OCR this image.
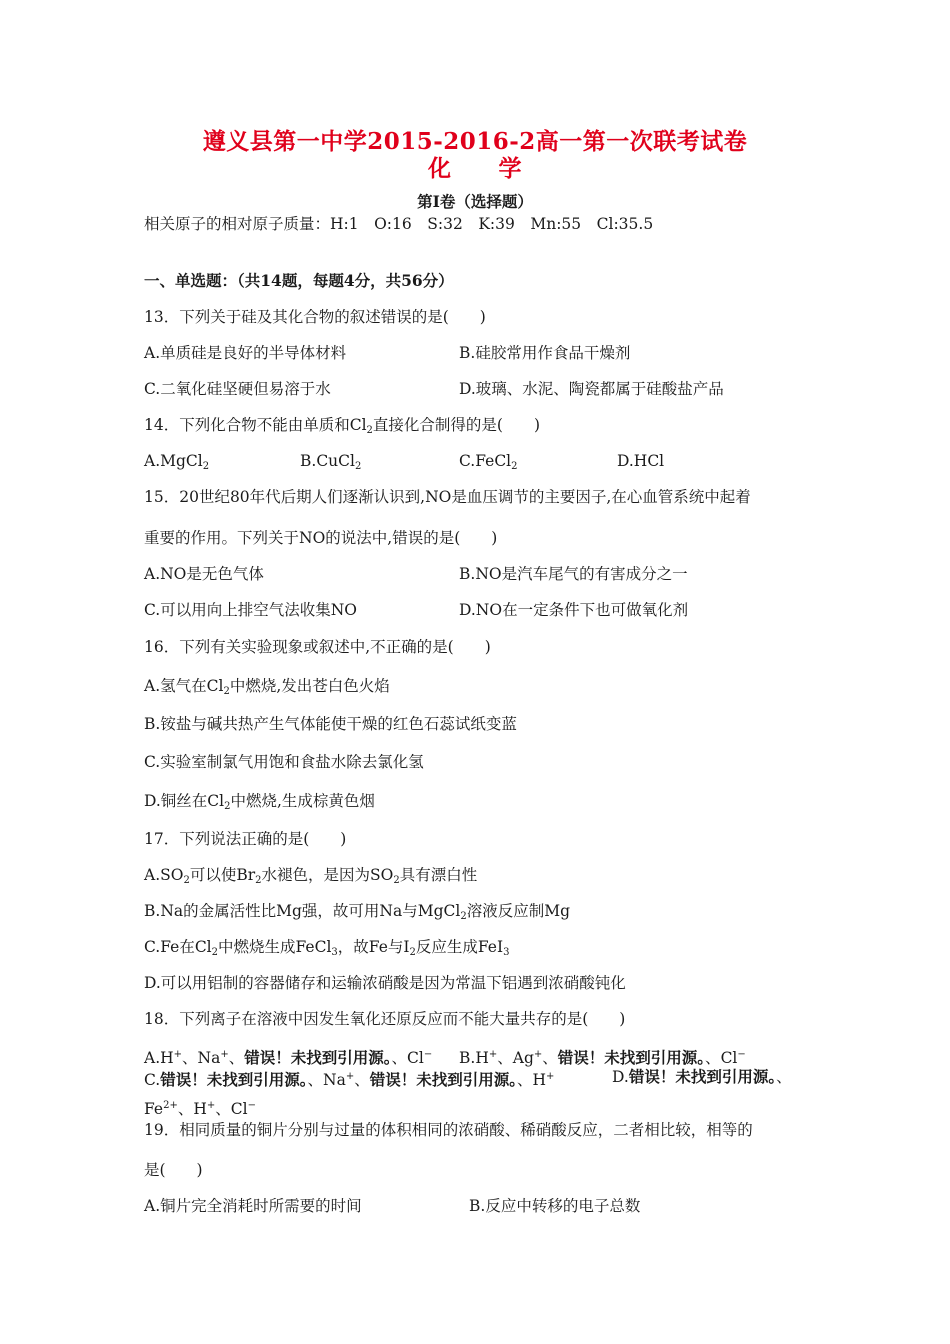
遵义县第一中学2015-2016-2高一第一次联考试卷
化　　学
第Ⅰ卷（选择题）
相关原子的相对原子质量：H:1　O:16　S:32　K:39　Mn:55　Cl:35.5
一、单选题：（共14题，每题4分，共56分）
13．下列关于硅及其化合物的叙述错误的是(　　)
A.单质硅是良好的半导体材料	B.硅胶常用作食品干燥剂
C.二氧化硅坚硬但易溶于水	D.玻璃、水泥、陶瓷都属于硅酸盐产品
14．下列化合物不能由单质和$Cl_2$直接化合制得的是(　　)
A.MgCl$_2$	B.CuCl$_2$	C.FeCl$_2$	D.HCl
15．20世纪80年代后期人们逐渐认识到,NO是血压调节的主要因子,在心血管系统中起着
重要的作用。下列关于NO的说法中,错误的是(　　)
A.NO是无色气体	B.NO是汽车尾气的有害成分之一
C.可以用向上排空气法收集NO	D.NO在一定条件下也可做氧化剂
16．下列有关实验现象或叙述中,不正确的是(　　)
A.氢气在$Cl_2$中燃烧,发出苍白色火焰
B.铵盐与碱共热产生气体能使干燥的红色石蕊试纸变蓝
C.实验室制氯气用饱和食盐水除去氯化氢
D.铜丝在$Cl_2$中燃烧,生成棕黄色烟
17．下列说法正确的是(　　)
$A.SO_2$可以使$Br_2$水褪色，是因为$SO_2$具有漂白性
B.Na的金属活性比Mg强，故可用Na与MgCl$_2$溶液反应制Mg
C.Fe在$Cl_2$中燃烧生成FeCl$_3$，故Fe与$I_2$反应生成FeI$_3$
D.可以用铝制的容器储存和运输浓硝酸是因为常温下铝遇到浓硝酸钝化
18．下列离子在溶液中因发生氧化还原反应而不能大量共存的是(　　)
A.H+、Na+、错误！未找到引用源。、Cl− B.H+、Ag+、错误！未找到引用源。、Cl−
C.错误！未找到引用源。、Na+、错误！未找到引用源。、H+	D.错误！未找到引用源。、
$Fe^{2+}$、H+、Cl−
19．相同质量的铜片分别与过量的体积相同的浓硝酸、稀硝酸反应，二者相比较，相等的
是(　　)
A.铜片完全消耗时所需要的时间	B.反应中转移的电子总数
